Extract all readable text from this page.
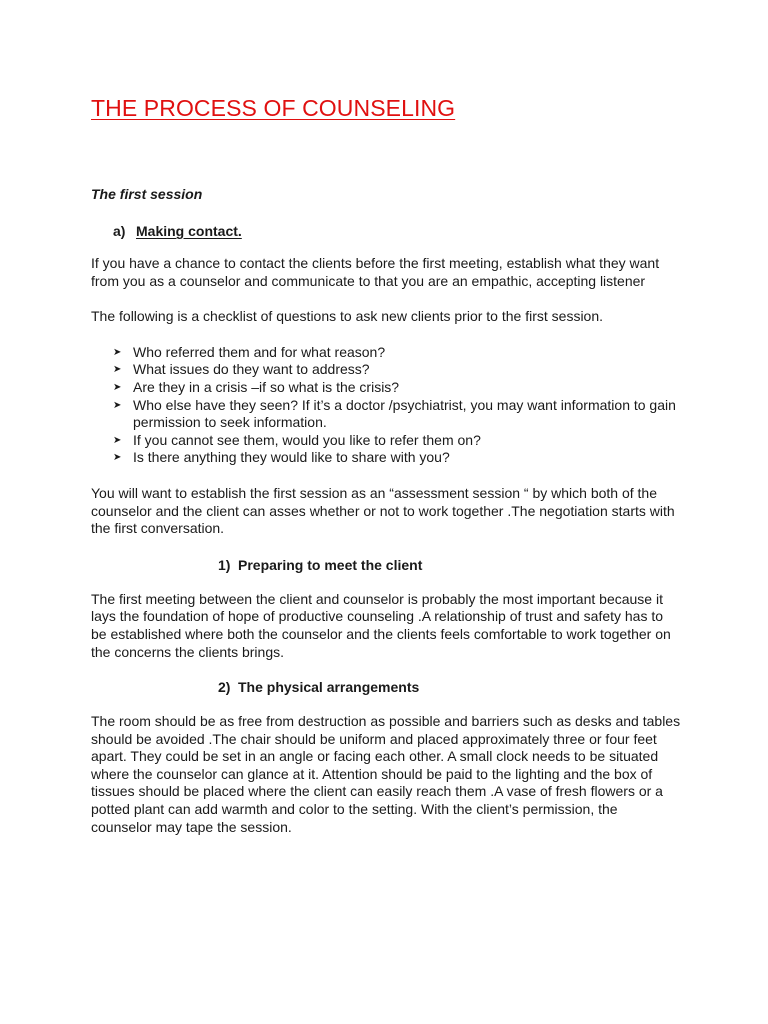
THE PROCESS OF COUNSELING
The first session
a) Making contact.

If you have a chance to contact the clients before the first meeting, establish what they want from you as a counselor and communicate to that you are an empathic, accepting listener

The following is a checklist of questions to ask new clients prior to the first session.

➤ Who referred them and for what reason?
➤ What issues do they want to address?
➤ Are they in a crisis –if so what is the crisis?
➤ Who else have they seen? If it’s a doctor /psychiatrist, you may want information to gain permission to seek information.
➤ If you cannot see them, would you like to refer them on?
➤ Is there anything they would like to share with you?

You will want to establish the first session as an “assessment session “ by which both of the counselor and the client can asses whether or not to work together .The negotiation starts with the first conversation.

1) Preparing to meet the client

The first meeting between the client and counselor is probably the most important because it lays the foundation of hope of productive counseling .A relationship of trust and safety has to be established where both the counselor and the clients feels comfortable to work together on the concerns the clients brings.

2) The physical arrangements

The room should be as free from destruction as possible and barriers such as desks and tables should be avoided .The chair should be uniform and placed approximately three or four feet apart. They could be set in an angle or facing each other. A small clock needs to be situated where the counselor can glance at it. Attention should be paid to the lighting and the box of tissues should be placed where the client can easily reach them .A vase of fresh flowers or a potted plant can add warmth and color to the setting. With the client’s permission, the counselor may tape the session.
